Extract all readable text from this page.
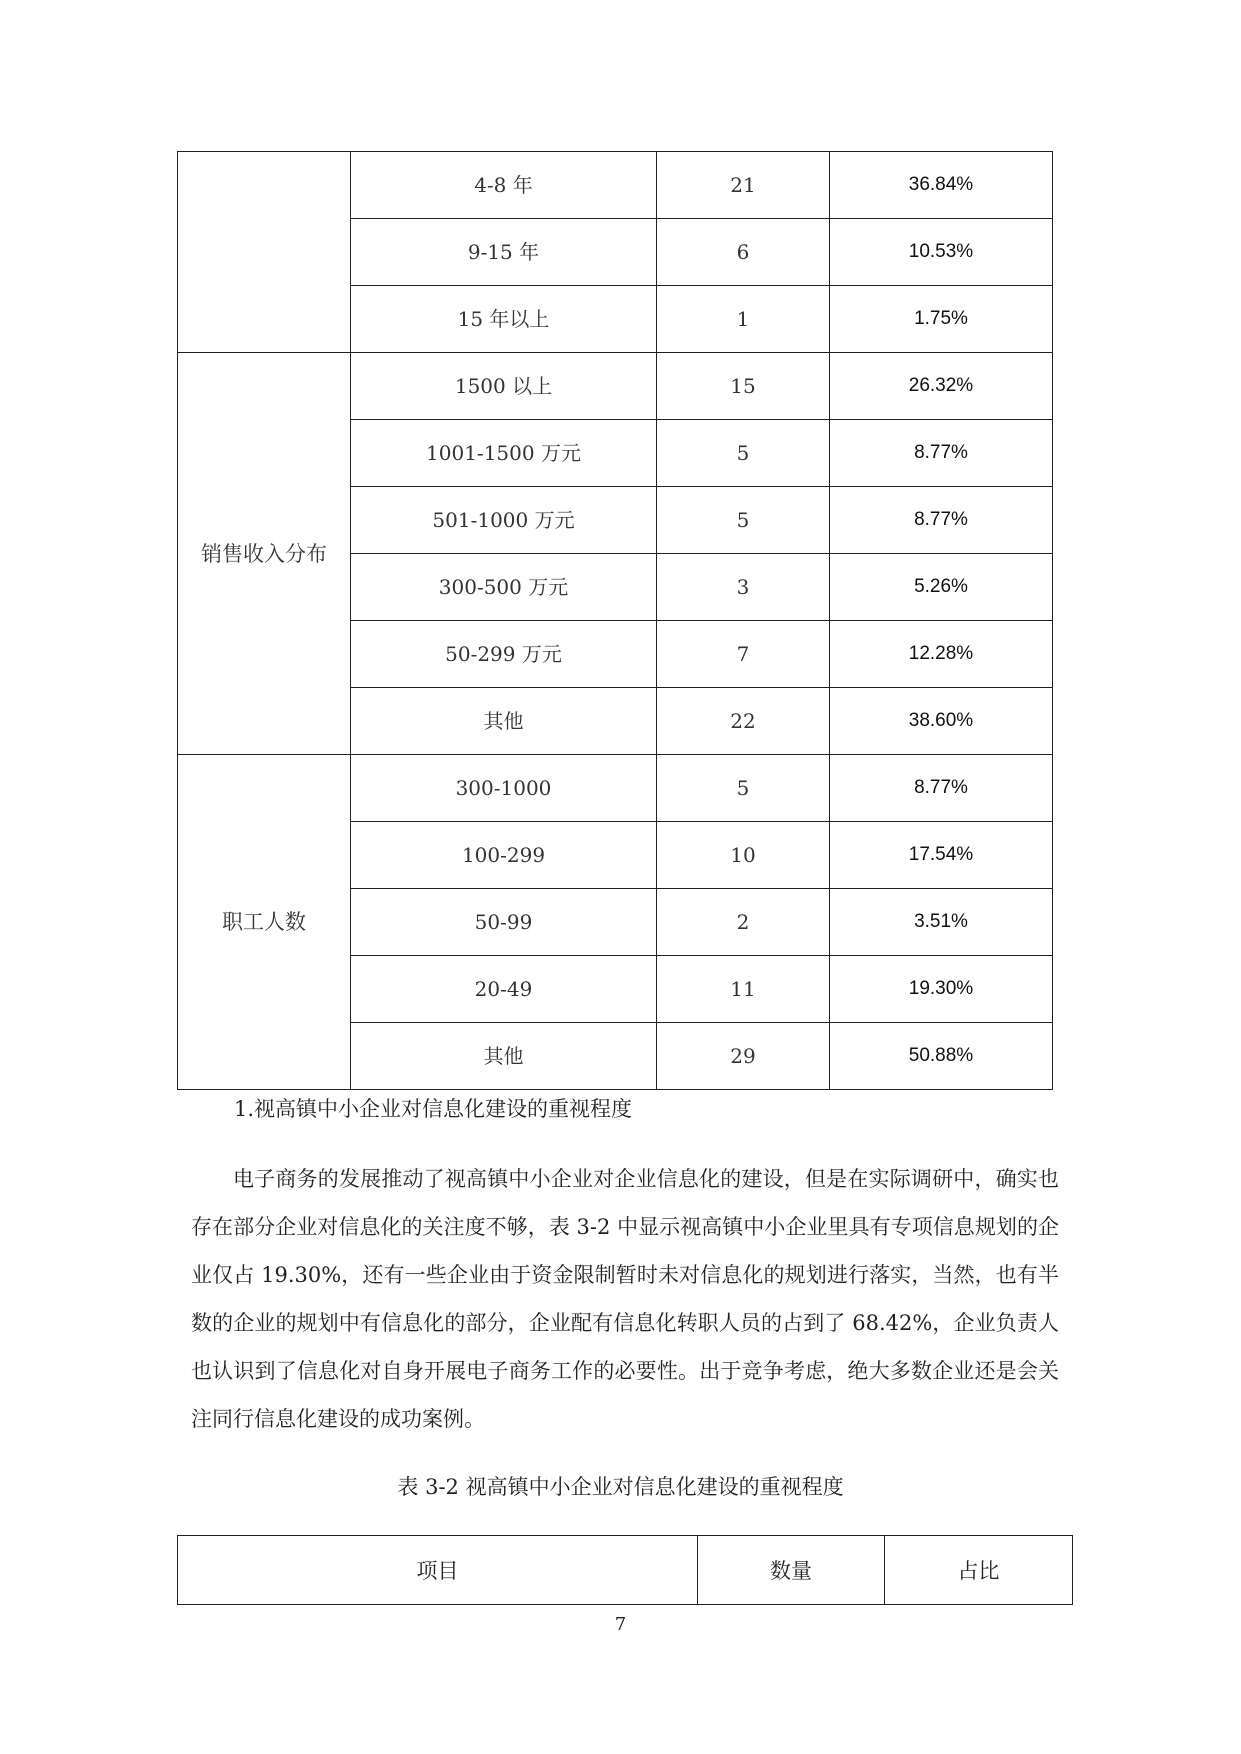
	4-8 年	21	36.84%
	9-15 年	6	10.53%
	15 年以上	1	1.75%
销售收入分布	1500 以上	15	26.32%
	1001-1500 万元	5	8.77%
	501-1000 万元	5	8.77%
	300-500 万元	3	5.26%
	50-299 万元	7	12.28%
	其他	22	38.60%
职工人数	300-1000	5	8.77%
	100-299	10	17.54%
	50-99	2	3.51%
	20-49	11	19.30%
	其他	29	50.88%

1.视高镇中小企业对信息化建设的重视程度

电子商务的发展推动了视高镇中小企业对企业信息化的建设，但是在实际调研中，确实也存在部分企业对信息化的关注度不够，表 3-2 中显示视高镇中小企业里具有专项信息规划的企业仅占 19.30%，还有一些企业由于资金限制暂时未对信息化的规划进行落实，当然，也有半数的企业的规划中有信息化的部分，企业配有信息化转职人员的占到了 68.42%，企业负责人也认识到了信息化对自身开展电子商务工作的必要性。出于竞争考虑，绝大多数企业还是会关注同行信息化建设的成功案例。

表 3-2 视高镇中小企业对信息化建设的重视程度

项目	数量	占比

7
